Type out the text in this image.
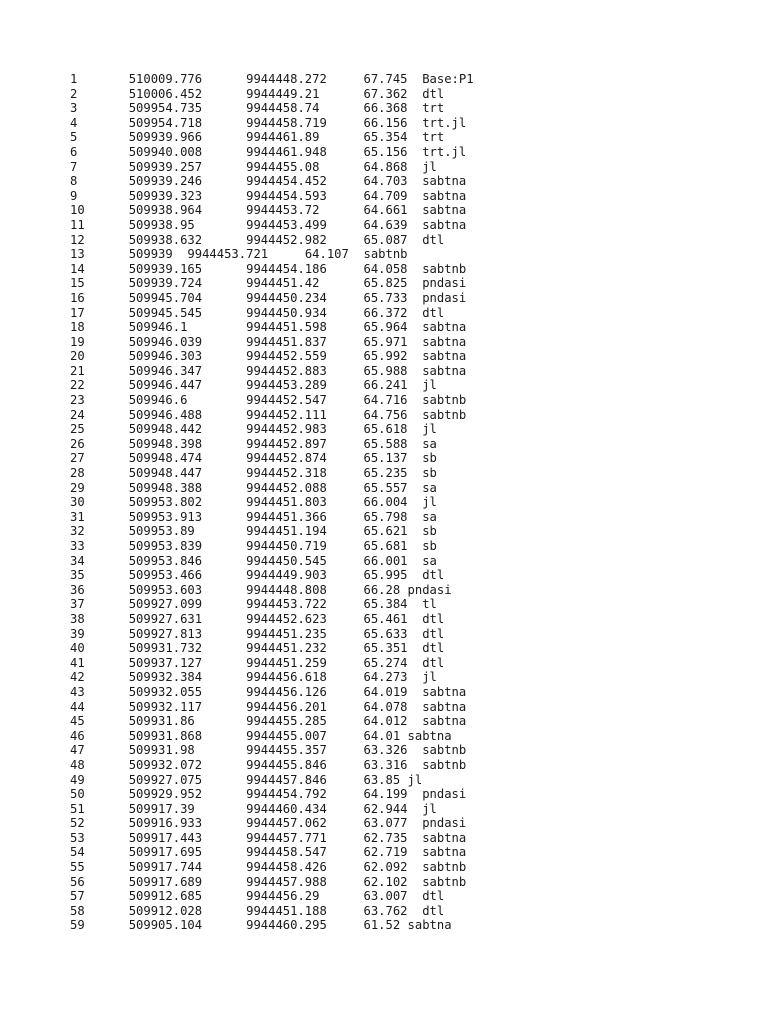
1	510009.776	9944448.272	67.745	Base:P1
2	510006.452	9944449.21	67.362	dtl
3	509954.735	9944458.74	66.368	trt
4	509954.718	9944458.719	66.156	trt.jl
5	509939.966	9944461.89	65.354	trt
6	509940.008	9944461.948	65.156	trt.jl
7	509939.257	9944455.08	64.868	jl
8	509939.246	9944454.452	64.703	sabtna
9	509939.323	9944454.593	64.709	sabtna
10	509938.964	9944453.72	64.661	sabtna
11	509938.95	9944453.499	64.639	sabtna
12	509938.632	9944452.982	65.087	dtl
13	509939	9944453.721	64.107	sabtnb
14	509939.165	9944454.186	64.058	sabtnb
15	509939.724	9944451.42	65.825	pndasi
16	509945.704	9944450.234	65.733	pndasi
17	509945.545	9944450.934	66.372	dtl
18	509946.1	9944451.598	65.964	sabtna
19	509946.039	9944451.837	65.971	sabtna
20	509946.303	9944452.559	65.992	sabtna
21	509946.347	9944452.883	65.988	sabtna
22	509946.447	9944453.289	66.241	jl
23	509946.6	9944452.547	64.716	sabtnb
24	509946.488	9944452.111	64.756	sabtnb
25	509948.442	9944452.983	65.618	jl
26	509948.398	9944452.897	65.588	sa
27	509948.474	9944452.874	65.137	sb
28	509948.447	9944452.318	65.235	sb
29	509948.388	9944452.088	65.557	sa
30	509953.802	9944451.803	66.004	jl
31	509953.913	9944451.366	65.798	sa
32	509953.89	9944451.194	65.621	sb
33	509953.839	9944450.719	65.681	sb
34	509953.846	9944450.545	66.001	sa
35	509953.466	9944449.903	65.995	dtl
36	509953.603	9944448.808	66.28 pndasi
37	509927.099	9944453.722	65.384	tl
38	509927.631	9944452.623	65.461	dtl
39	509927.813	9944451.235	65.633	dtl
40	509931.732	9944451.232	65.351	dtl
41	509937.127	9944451.259	65.274	dtl
42	509932.384	9944456.618	64.273	jl
43	509932.055	9944456.126	64.019	sabtna
44	509932.117	9944456.201	64.078	sabtna
45	509931.86	9944455.285	64.012	sabtna
46	509931.868	9944455.007	64.01 sabtna
47	509931.98	9944455.357	63.326	sabtnb
48	509932.072	9944455.846	63.316	sabtnb
49	509927.075	9944457.846	63.85 jl
50	509929.952	9944454.792	64.199	pndasi
51	509917.39	9944460.434	62.944	jl
52	509916.933	9944457.062	63.077	pndasi
53	509917.443	9944457.771	62.735	sabtna
54	509917.695	9944458.547	62.719	sabtna
55	509917.744	9944458.426	62.092	sabtnb
56	509917.689	9944457.988	62.102	sabtnb
57	509912.685	9944456.29	63.007	dtl
58	509912.028	9944451.188	63.762	dtl
59	509905.104	9944460.295	61.52 sabtna
